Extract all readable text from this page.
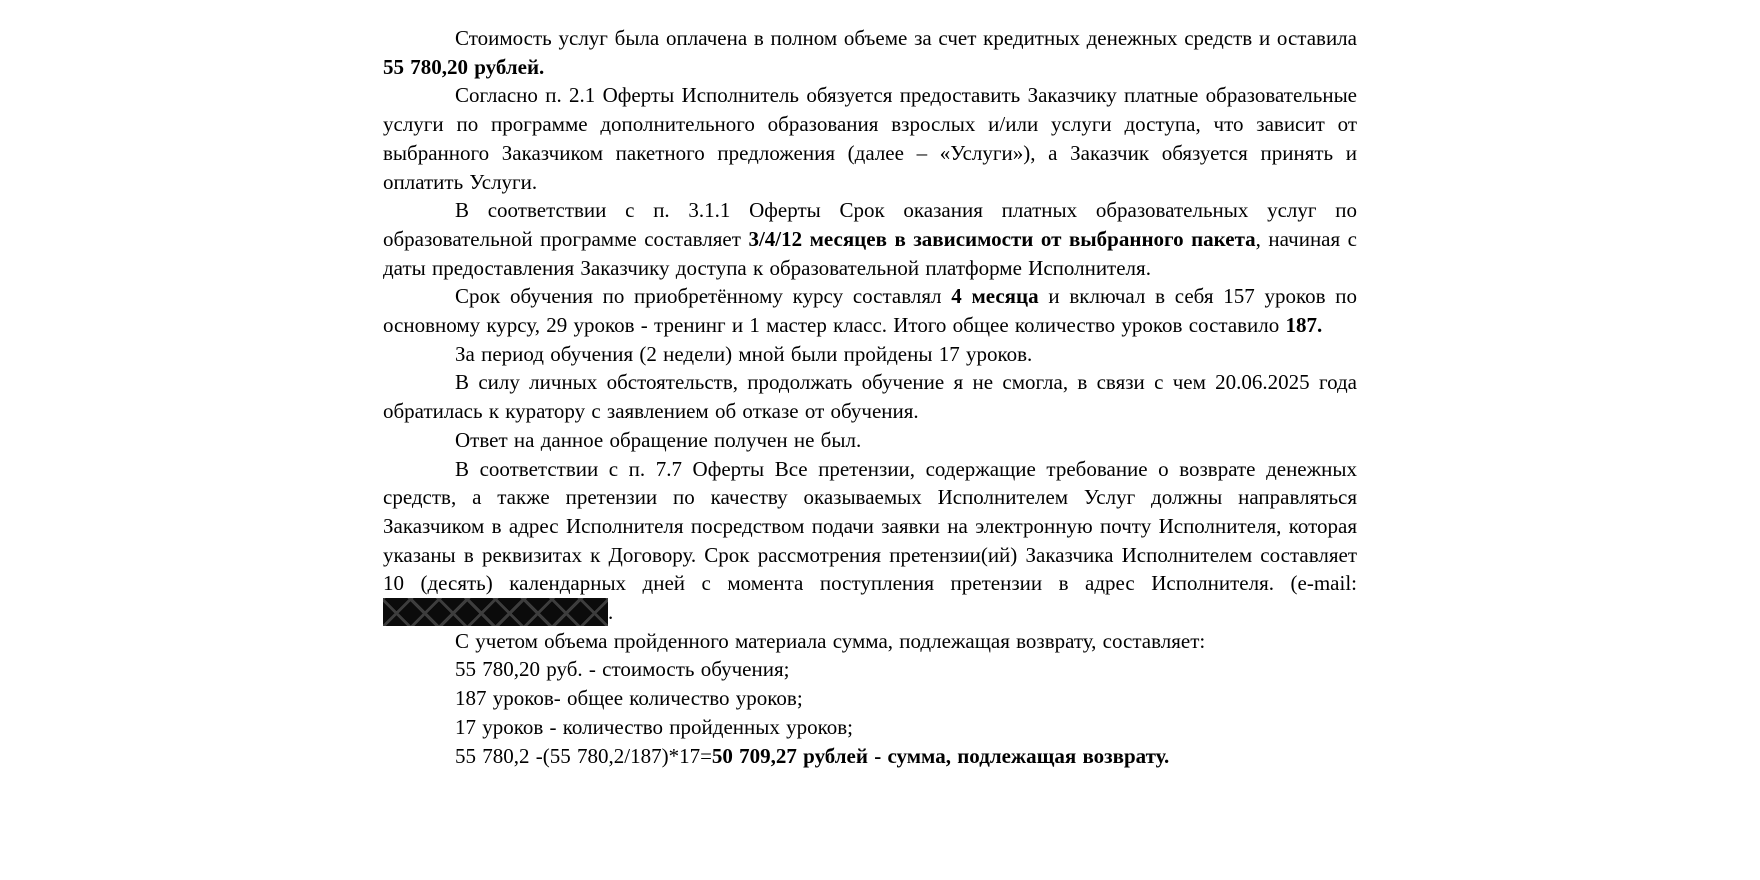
Стоимость услуг была оплачена в полном объеме за счет кредитных денежных средств и оставила 55 780,20 рублей.

Согласно п. 2.1 Оферты Исполнитель обязуется предоставить Заказчику платные образовательные услуги по программе дополнительного образования взрослых и/или услуги доступа, что зависит от выбранного Заказчиком пакетного предложения (далее – «Услуги»), а Заказчик обязуется принять и оплатить Услуги.

В соответствии с п. 3.1.1 Оферты Срок оказания платных образовательных услуг по образовательной программе составляет 3/4/12 месяцев в зависимости от выбранного пакета, начиная с даты предоставления Заказчику доступа к образовательной платформе Исполнителя.

Срок обучения по приобретённому курсу составлял 4 месяца и включал в себя 157 уроков по основному курсу, 29 уроков - тренинг и 1 мастер класс. Итого общее количество уроков составило 187.

За период обучения (2 недели) мной были пройдены 17 уроков.

В силу личных обстоятельств, продолжать обучение я не смогла, в связи с чем 20.06.2025 года обратилась к куратору с заявлением об отказе от обучения.

Ответ на данное обращение получен не был.

В соответствии с п. 7.7 Оферты Все претензии, содержащие требование о возврате денежных средств, а также претензии по качеству оказываемых Исполнителем Услуг должны направляться Заказчиком в адрес Исполнителя посредством подачи заявки на электронную почту Исполнителя, которая указаны в реквизитах к Договору. Срок рассмотрения претензии(ий) Заказчика Исполнителем составляет 10 (десять) календарных дней с момента поступления претензии в адрес Исполнителя. (e-mail: .

С учетом объема пройденного материала сумма, подлежащая возврату, составляет:

55 780,20 руб. - стоимость обучения;

187 уроков- общее количество уроков;

17 уроков - количество пройденных уроков;

55 780,2 -(55 780,2/187)*17=50 709,27 рублей - сумма, подлежащая возврату.
